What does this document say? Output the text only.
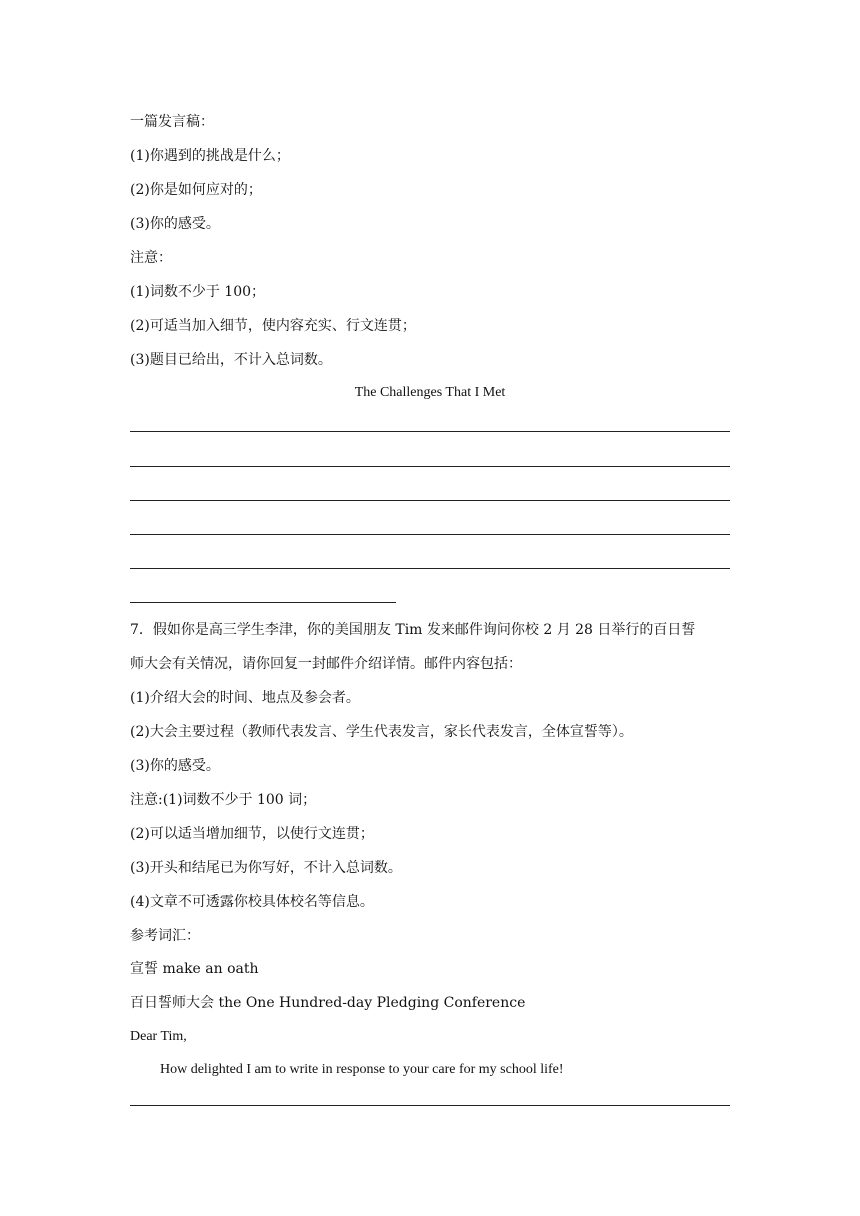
一篇发言稿：
(1)你遇到的挑战是什么；
(2)你是如何应对的；
(3)你的感受。
注意：
(1)词数不少于 100；
(2)可适当加入细节，使内容充实、行文连贯；
(3)题目已给出，不计入总词数。
The Challenges That I Met
7．假如你是高三学生李津，你的美国朋友 Tim 发来邮件询问你校 2 月 28 日举行的百日誓
师大会有关情况，请你回复一封邮件介绍详情。邮件内容包括：
(1)介绍大会的时间、地点及参会者。
(2)大会主要过程（教师代表发言、学生代表发言，家长代表发言，全体宣誓等）。
(3)你的感受。
注意:(1)词数不少于 100 词；
(2)可以适当增加细节，以使行文连贯；
(3)开头和结尾已为你写好，不计入总词数。
(4)文章不可透露你校具体校名等信息。
参考词汇：
宣誓 make an oath
百日誓师大会 the One Hundred-day Pledging Conference
Dear Tim,
How delighted I am to write in response to your care for my school life!
